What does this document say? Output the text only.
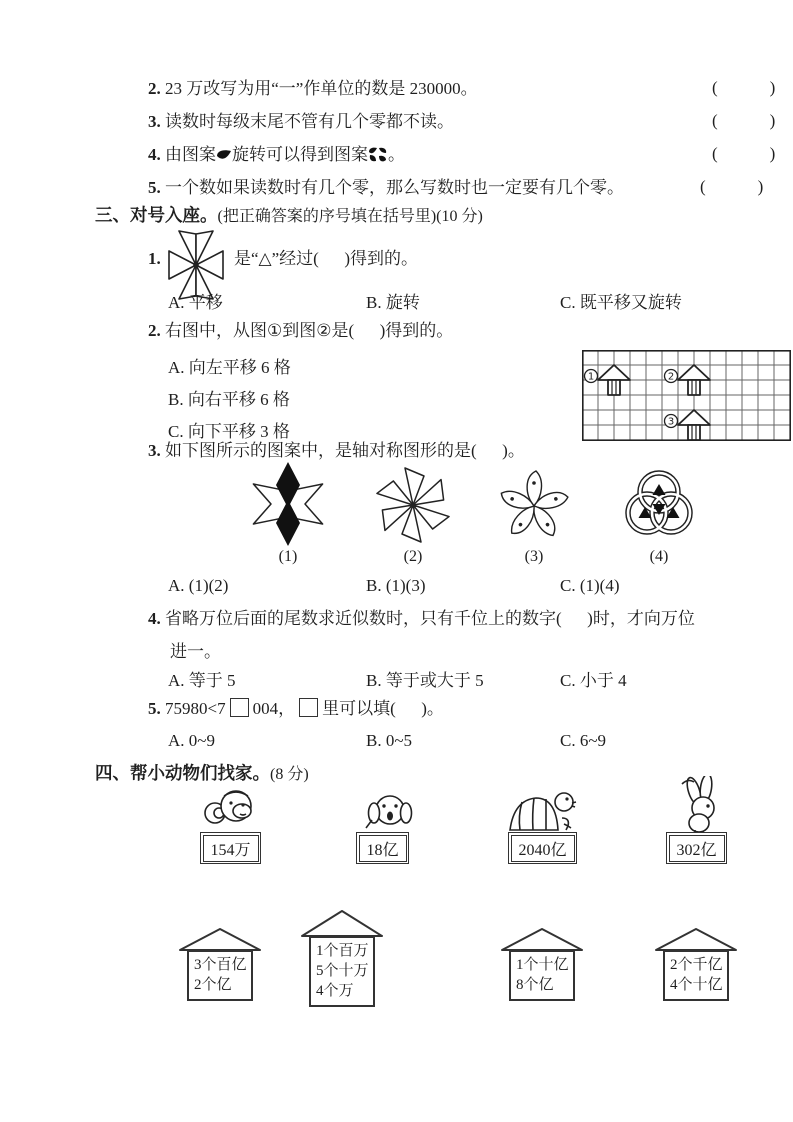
2. 23 万改写为用“一”作单位的数是 230000。	(        )
3. 读数时每级末尾不管有几个零都不读。	(        )
4. 由图案 旋转可以得到图案 。	(        )
5. 一个数如果读数时有几个零，那么写数时也一定要有几个零。	(        )
三、对号入座。(把正确答案的序号填在括号里)(10 分)
1.	是“△”经过(      )得到的。
A. 平移	B. 旋转	C. 既平移又旋转
2. 右图中，从图①到图②是(      )得到的。
A. 向左平移 6 格
B. 向右平移 6 格
C. 向下平移 3 格
1	2
3
3. 如下图所示的图案中，是轴对称图形的是(      )。
(1)	(2)	(3)	(4)
A. (1)(2)	B. (1)(3)	C. (1)(4)
4. 省略万位后面的尾数求近似数时，只有千位上的数字(      )时，才向万位
进一。
A. 等于 5	B. 等于或大于 5	C. 小于 4
5. 75980<7 004， 里可以填(      )。
A. 0~9	B. 0~5	C. 6~9
四、帮小动物们找家。(8 分)
154万	18亿	2040亿	302亿
3个百亿
2个亿
1个百万
5个十万
4个万
1个十亿
8个亿
2个千亿
4个十亿
